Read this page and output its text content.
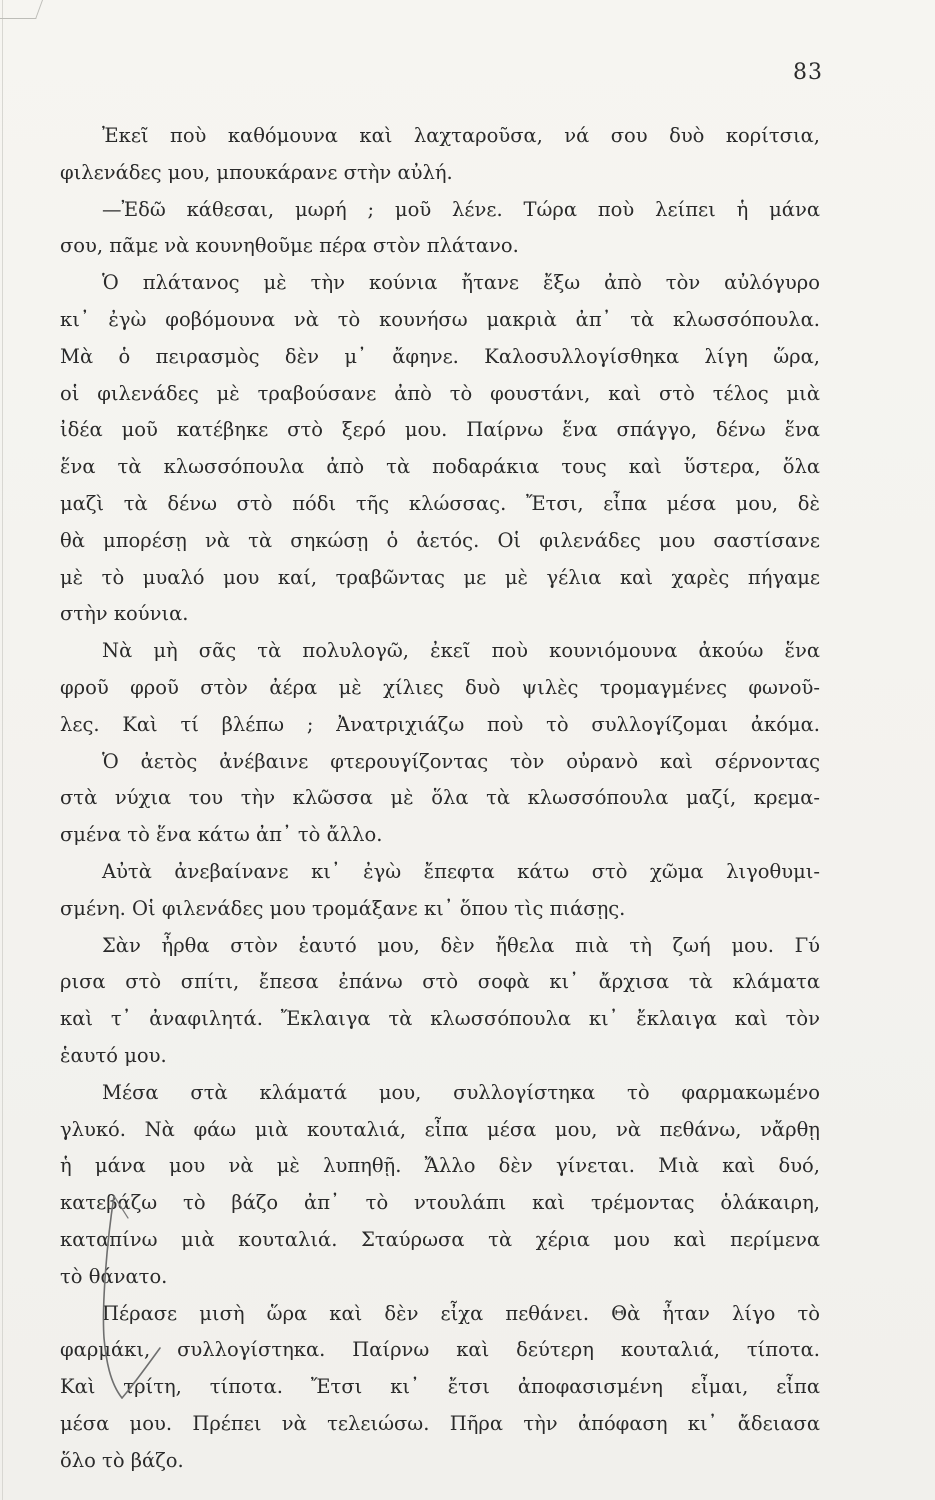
83
Ἐκεῖ ποὺ καθόμουνα καὶ λαχταροῦσα, νά σου δυὸ κορίτσια,
φιλενάδες μου, μπουκάρανε στὴν αὐλή.
—Ἐδῶ κάθεσαι, μωρή ; μοῦ λένε. Τώρα ποὺ λείπει ἡ μάνα
σου, πᾶμε νὰ κουνηθοῦμε πέρα στὸν πλάτανο.
Ὁ πλάτανος μὲ τὴν κούνια ἤτανε ἔξω ἀπὸ τὸν αὐλόγυρο
κι᾿ ἐγὼ φοβόμουνα νὰ τὸ κουνήσω μακριὰ ἀπ᾿ τὰ κλωσσόπουλα.
Μὰ ὁ πειρασμὸς δὲν μ᾿ ἄφηνε. Καλοσυλλογίσθηκα λίγη ὥρα,
οἱ φιλενάδες μὲ τραβούσανε ἀπὸ τὸ φουστάνι, καὶ στὸ τέλος μιὰ
ἰδέα μοῦ κατέβηκε στὸ ξερό μου. Παίρνω ἕνα σπάγγο, δένω ἕνα
ἕνα τὰ κλωσσόπουλα ἀπὸ τὰ ποδαράκια τους καὶ ὕστερα, ὅλα
μαζὶ τὰ δένω στὸ πόδι τῆς κλώσσας. Ἔτσι, εἶπα μέσα μου, δὲ
θὰ μπορέσῃ νὰ τὰ σηκώσῃ ὁ ἀετός. Οἱ φιλενάδες μου σαστίσανε
μὲ τὸ μυαλό μου καί, τραβῶντας με μὲ γέλια καὶ χαρὲς πήγαμε
στὴν κούνια.
Νὰ μὴ σᾶς τὰ πολυλογῶ, ἐκεῖ ποὺ κουνιόμουνα ἀκούω ἕνα
φροῦ φροῦ στὸν ἀέρα μὲ χίλιες δυὸ ψιλὲς τρομαγμένες φωνοῦ-
λες. Καὶ τί βλέπω ; Ἀνατριχιάζω ποὺ τὸ συλλογίζομαι ἀκόμα.
Ὁ ἀετὸς ἀνέβαινε φτερουγίζοντας τὸν οὐρανὸ καὶ σέρνοντας
στὰ νύχια του τὴν κλῶσσα μὲ ὅλα τὰ κλωσσόπουλα μαζί, κρεμα-
σμένα τὸ ἕνα κάτω ἀπ᾿ τὸ ἄλλο.
Αὐτὰ ἀνεβαίνανε κι᾿ ἐγὼ ἔπεφτα κάτω στὸ χῶμα λιγοθυμι-
σμένη. Οἱ φιλενάδες μου τρομάξανε κι᾿ ὅπου τὶς πιάσῃς.
Σὰν ἦρθα στὸν ἑαυτό μου, δὲν ἤθελα πιὰ τὴ ζωή μου. Γύ
ρισα στὸ σπίτι, ἔπεσα ἐπάνω στὸ σοφὰ κι᾿ ἄρχισα τὰ κλάματα
καὶ τ᾿ ἀναφιλητά. Ἔκλαιγα τὰ κλωσσόπουλα κι᾿ ἔκλαιγα καὶ τὸν
ἑαυτό μου.
Μέσα στὰ κλάματά μου, συλλογίστηκα τὸ φαρμακωμένο
γλυκό. Νὰ φάω μιὰ κουταλιά, εἶπα μέσα μου, νὰ πεθάνω, νἄρθῃ
ἡ μάνα μου νὰ μὲ λυπηθῇ. Ἄλλο δὲν γίνεται. Μιὰ καὶ δυό,
κατεβάζω τὸ βάζο ἀπ᾿ τὸ ντουλάπι καὶ τρέμοντας ὁλάκαιρη,
καταπίνω μιὰ κουταλιά. Σταύρωσα τὰ χέρια μου καὶ περίμενα
τὸ θάνατο.
Πέρασε μισὴ ὥρα καὶ δὲν εἶχα πεθάνει. Θὰ ἦταν λίγο τὸ
φαρμάκι, συλλογίστηκα. Παίρνω καὶ δεύτερη κουταλιά, τίποτα.
Καὶ τρίτη, τίποτα. Ἔτσι κι᾿ ἔτσι ἀποφασισμένη εἶμαι, εἶπα
μέσα μου. Πρέπει νὰ τελειώσω. Πῆρα τὴν ἀπόφαση κι᾿ ἄδειασα
ὅλο τὸ βάζο.
